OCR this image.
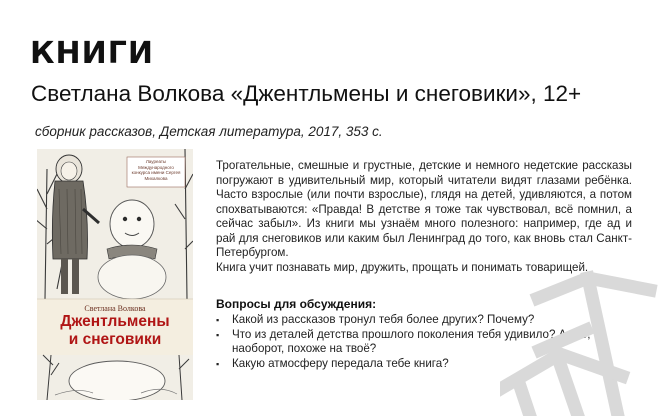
КНИГИ
Светлана Волкова «Джентльмены и снеговики», 12+
сборник рассказов, Детская литература, 2017, 353 с.
Лауреаты Международного конкурса имени Сергея Михалкова
Светлана Волкова
Джентльмены
и снеговики

Трогательные, смешные и грустные, детские и немного недетские рассказы погружают в удивительный мир, который читатели видят глазами ребёнка. Часто взрослые (или почти взрослые), глядя на детей, удивляются, а потом спохватываются: «Правда! В детстве я тоже так чувствовал, всё помнил, а сейчас забыл». Из книги мы узнаём много полезного: например, где ад и рай для снеговиков или каким был Ленинград до того, как вновь стал Санкт-Петербургом.

Книга учит познавать мир, дружить, прощать и понимать товарищей.

Вопросы для обсуждения:
▪ Какой из рассказов тронул тебя более других? Почему?
▪ Что из деталей детства прошлого поколения тебя удивило? А что, наоборот, похоже на твоё?
▪ Какую атмосферу передала тебе книга?
